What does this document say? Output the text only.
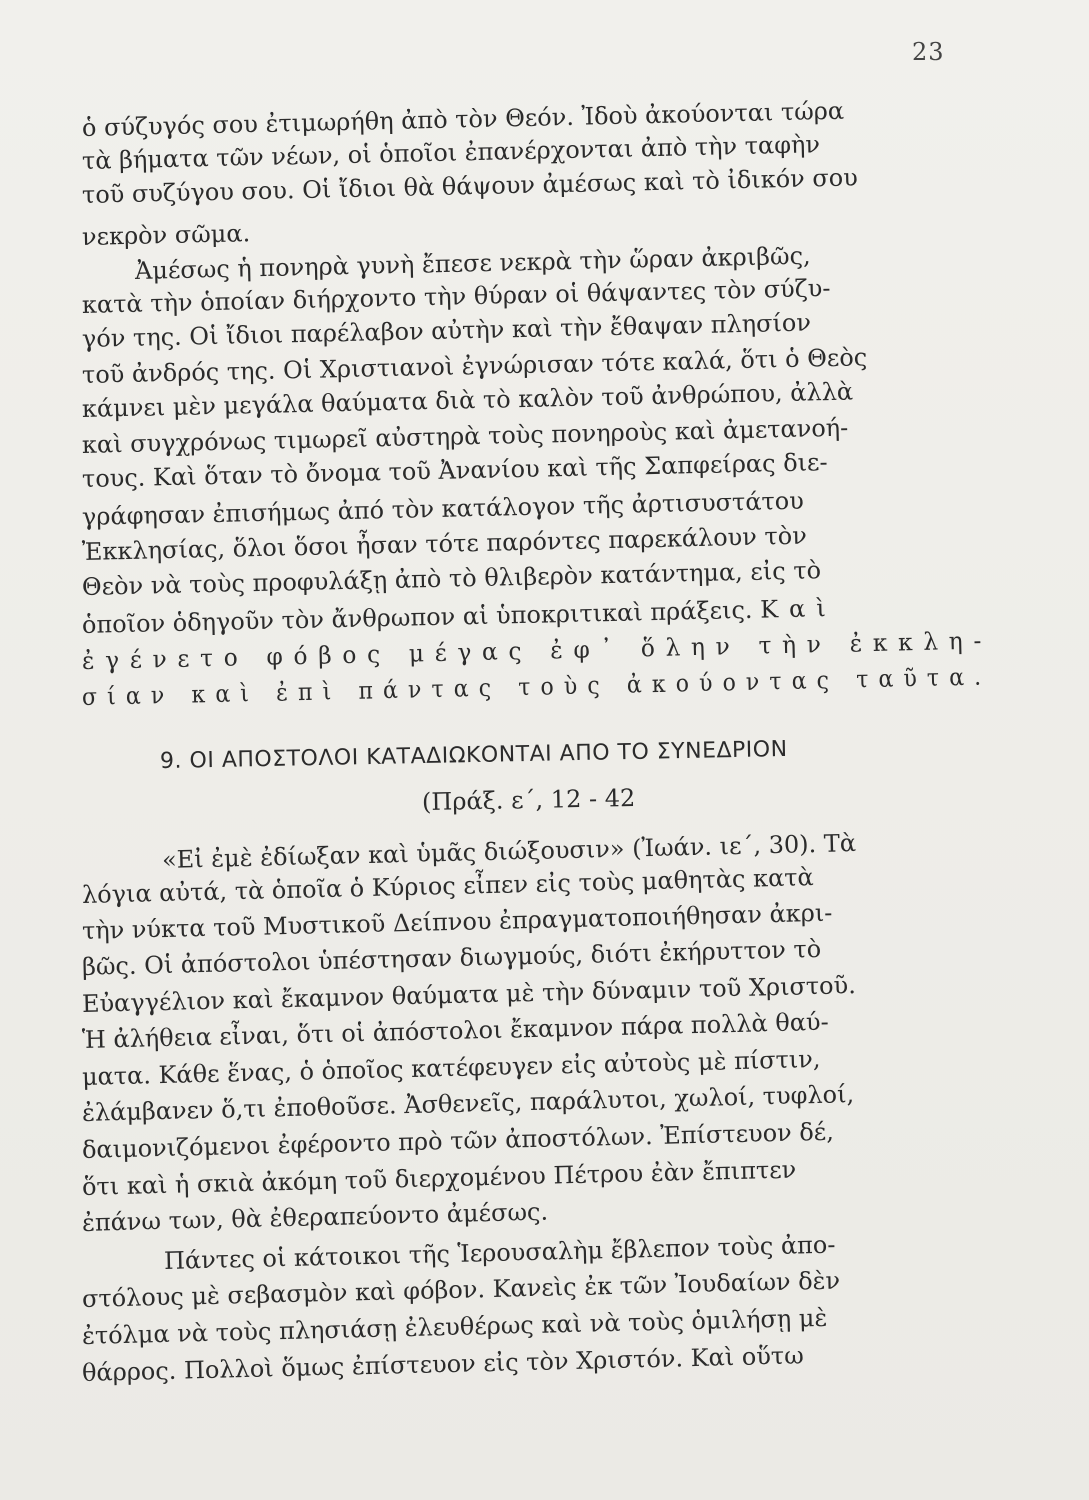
23
ὁ σύζυγός σου ἐτιμωρήθη ἀπὸ τὸν Θεόν. Ἰδοὺ ἀκούονται τώρα
τὰ βήματα τῶν νέων, οἱ ὁποῖοι ἐπανέρχονται ἀπὸ τὴν ταφὴν
τοῦ συζύγου σου. Οἱ ἴδιοι θὰ θάψουν ἀμέσως καὶ τὸ ἰδικόν σου
νεκρὸν σῶμα.
Ἀμέσως ἡ πονηρὰ γυνὴ ἔπεσε νεκρὰ τὴν ὥραν ἀκριβῶς,
κατὰ τὴν ὁποίαν διήρχοντο τὴν θύραν οἱ θάψαντες τὸν σύζυ-
γόν της. Οἱ ἴδιοι παρέλαβον αὐτὴν καὶ τὴν ἔθαψαν πλησίον
τοῦ ἀνδρός της. Οἱ Χριστιανοὶ ἐγνώρισαν τότε καλά, ὅτι ὁ Θεὸς
κάμνει μὲν μεγάλα θαύματα διὰ τὸ καλὸν τοῦ ἀνθρώπου, ἀλλὰ
καὶ συγχρόνως τιμωρεῖ αὐστηρὰ τοὺς πονηροὺς καὶ ἀμετανοή-
τους. Καὶ ὅταν τὸ ὄνομα τοῦ Ἀνανίου καὶ τῆς Σαπφείρας διε-
γράφησαν ἐπισήμως ἀπό τὸν κατάλογον τῆς ἀρτισυστάτου
Ἐκκλησίας, ὅλοι ὅσοι ἦσαν τότε παρόντες παρεκάλουν τὸν
Θεὸν νὰ τοὺς προφυλάξῃ ἀπὸ τὸ θλιβερὸν κατάντημα, εἰς τὸ
ὁποῖον ὁδηγοῦν τὸν ἄνθρωπον αἱ ὑποκριτικαὶ πράξεις. Καὶ
ἐγένετο φόβος μέγας ἐφ᾽ ὅλην τὴν ἐκκλη-
σίαν καὶ ἐπὶ πάντας τοὺς ἀκούοντας ταῦτα.
9. ΟΙ ΑΠΟΣΤΟΛΟΙ ΚΑΤΑΔΙΩΚΟΝΤΑΙ ΑΠΟ ΤΟ ΣΥΝΕΔΡΙΟΝ
(Πράξ. ε΄, 12 - 42
«Εἰ ἐμὲ ἐδίωξαν καὶ ὑμᾶς διώξουσιν» (Ἰωάν. ιε΄, 30). Τὰ
λόγια αὐτά, τὰ ὁποῖα ὁ Κύριος εἶπεν εἰς τοὺς μαθητὰς κατὰ
τὴν νύκτα τοῦ Μυστικοῦ Δείπνου ἐπραγματοποιήθησαν ἀκρι-
βῶς. Οἱ ἀπόστολοι ὑπέστησαν διωγμούς, διότι ἐκήρυττον τὸ
Εὐαγγέλιον καὶ ἔκαμνον θαύματα μὲ τὴν δύναμιν τοῦ Χριστοῦ.
Ἡ ἀλήθεια εἶναι, ὅτι οἱ ἀπόστολοι ἔκαμνον πάρα πολλὰ θαύ-
ματα. Κάθε ἕνας, ὁ ὁποῖος κατέφευγεν εἰς αὐτοὺς μὲ πίστιν,
ἐλάμβανεν ὅ,τι ἐποθοῦσε. Ἀσθενεῖς, παράλυτοι, χωλοί, τυφλοί,
δαιμονιζόμενοι ἐφέροντο πρὸ τῶν ἀποστόλων. Ἐπίστευον δέ,
ὅτι καὶ ἡ σκιὰ ἀκόμη τοῦ διερχομένου Πέτρου ἐὰν ἔπιπτεν
ἐπάνω των, θὰ ἐθεραπεύοντο ἀμέσως.
Πάντες οἱ κάτοικοι τῆς Ἱερουσαλὴμ ἔβλεπον τοὺς ἀπο-
στόλους μὲ σεβασμὸν καὶ φόβον. Κανεὶς ἐκ τῶν Ἰουδαίων δὲν
ἐτόλμα νὰ τοὺς πλησιάσῃ ἐλευθέρως καὶ νὰ τοὺς ὁμιλήσῃ μὲ
θάρρος. Πολλοὶ ὅμως ἐπίστευον εἰς τὸν Χριστόν. Καὶ οὕτω
